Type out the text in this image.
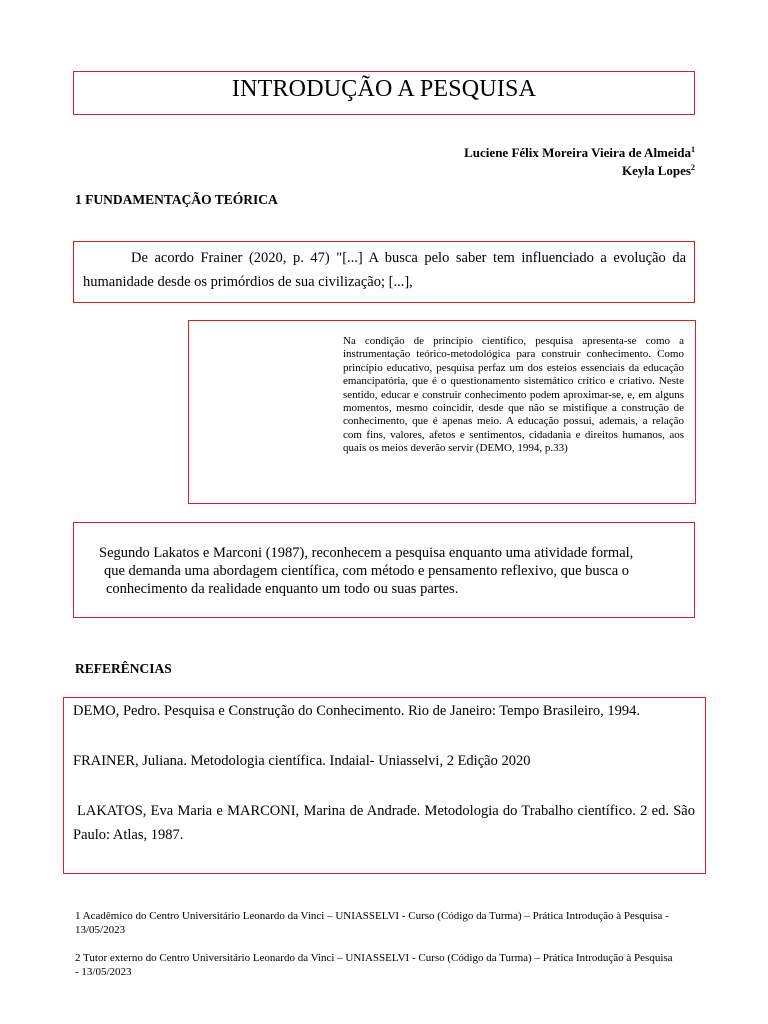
INTRODUÇÃO A PESQUISA
Luciene Félix Moreira Vieira de Almeida$^1$
Keyla Lopes$^2$
1 FUNDAMENTAÇÃO TEÓRICA
De acordo Frainer (2020, p. 47) "[...] A busca pelo saber tem influenciado a evolução da humanidade desde os primórdios de sua civilização; [...],
Na condição de princípio científico, pesquisa apresenta-se como a instrumentação teórico-metodológica para construir conhecimento. Como princípio educativo, pesquisa perfaz um dos esteios essenciais da educação emancipatória, que é o questionamento sistemático crítico e criativo. Neste sentido, educar e construir conhecimento podem aproximar-se, e, em alguns momentos, mesmo coincidir, desde que não se mistifique a construção de conhecimento, que é apenas meio. A educação possui, ademais, a relação com fins, valores, afetos e sentimentos, cidadania e direitos humanos, aos quais os meios deverão servir (DEMO, 1994, p.33)
Segundo Lakatos e Marconi (1987), reconhecem a pesquisa enquanto uma atividade formal,
que demanda uma abordagem científica, com método e pensamento reflexivo, que busca o
conhecimento da realidade enquanto um todo ou suas partes.
REFERÊNCIAS
DEMO, Pedro. Pesquisa e Construção do Conhecimento. Rio de Janeiro: Tempo Brasileiro, 1994.
FRAINER, Juliana. Metodologia científica. Indaial- Uniasselvi, 2 Edição 2020
LAKATOS, Eva Maria e MARCONI, Marina de Andrade. Metodologia do Trabalho científico. 2 ed. São Paulo: Atlas, 1987.
1 Acadêmico do Centro Universitário Leonardo da Vinci – UNIASSELVI - Curso (Código da Turma) – Prática Introdução à Pesquisa - 13/05/2023
2 Tutor externo do Centro Universitário Leonardo da Vinci – UNIASSELVI - Curso (Código da Turma) – Prática Introdução à Pesquisa - 13/05/2023
